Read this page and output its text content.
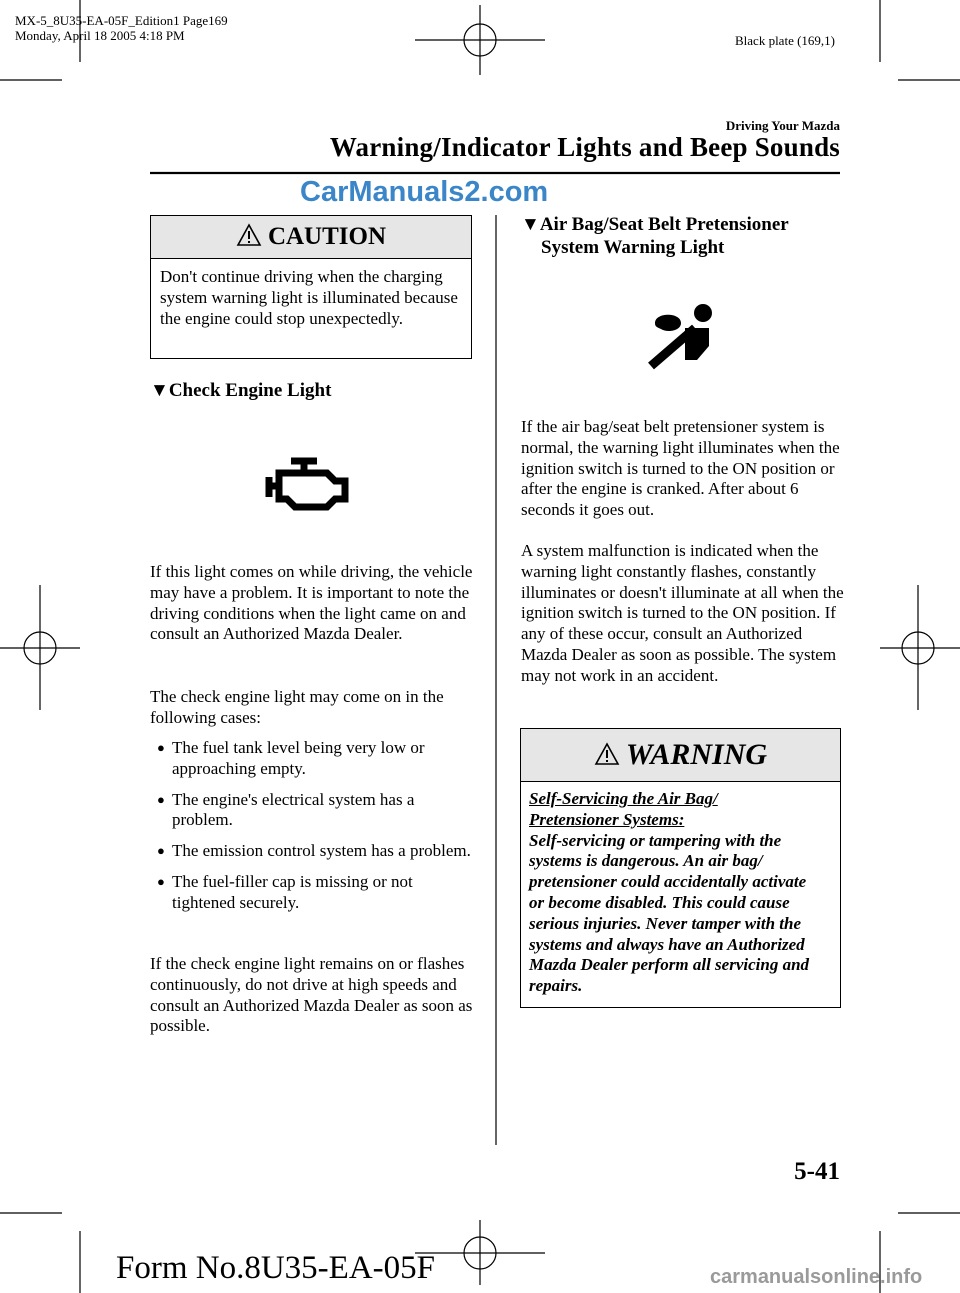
MX-5_8U35-EA-05F_Edition1 Page169
Monday, April 18 2005 4:18 PM	Black plate (169,1)
Driving Your Mazda
Warning/Indicator Lights and Beep Sounds
CarManuals2.com
CAUTION
Don't continue driving when the charging system warning light is illuminated because the engine could stop unexpectedly.
▼Check Engine Light
If this light comes on while driving, the vehicle may have a problem. It is important to note the driving conditions when the light came on and consult an Authorized Mazda Dealer.
The check engine light may come on in the following cases:
● The fuel tank level being very low or approaching empty.
● The engine's electrical system has a problem.
● The emission control system has a problem.
● The fuel-filler cap is missing or not tightened securely.
If the check engine light remains on or flashes continuously, do not drive at high speeds and consult an Authorized Mazda Dealer as soon as possible.
▼Air Bag/Seat Belt Pretensioner
System Warning Light
If the air bag/seat belt pretensioner system is normal, the warning light illuminates when the ignition switch is turned to the ON position or after the engine is cranked. After about 6 seconds it goes out.
A system malfunction is indicated when the warning light constantly flashes, constantly illuminates or doesn't illuminate at all when the ignition switch is turned to the ON position. If any of these occur, consult an Authorized Mazda Dealer as soon as possible. The system may not work in an accident.
WARNING
Self-Servicing the Air Bag/ Pretensioner Systems:
Self-servicing or tampering with the systems is dangerous. An air bag/ pretensioner could accidentally activate or become disabled. This could cause serious injuries. Never tamper with the systems and always have an Authorized Mazda Dealer perform all servicing and repairs.
5-41
Form No.8U35-EA-05F	carmanualsonline.info
